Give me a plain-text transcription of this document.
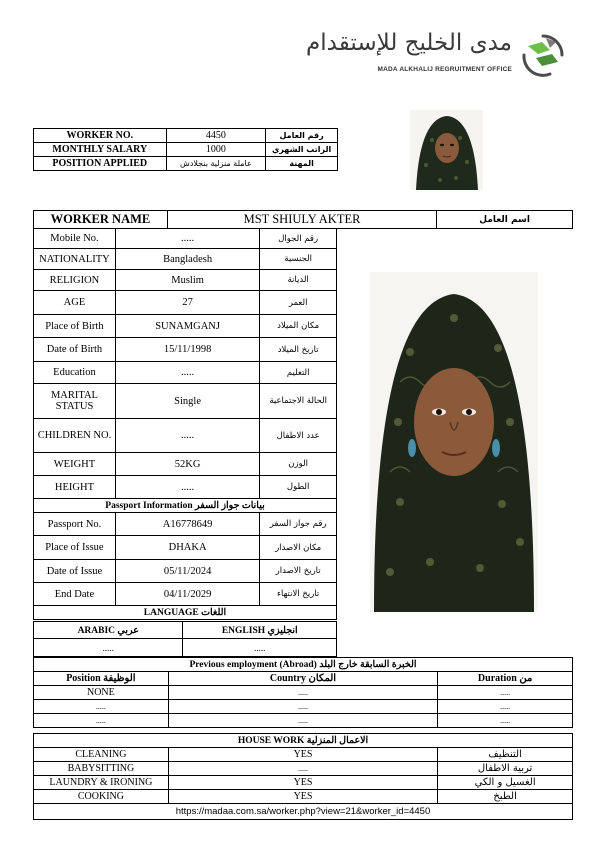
مدى الخليج للإستقدام
MADA ALKHALIJ REGRUITMENT OFFICE
WORKER NO.	4450	رقم العامل
MONTHLY SALARY	1000	الراتب الشهري
POSITION APPLIED	عاملة منزلية بنجلادش	المهنة
WORKER NAME	MST SHIULY AKTER	اسم العامل
Mobile No.	.....	رقم الجوال
NATIONALITY	Bangladesh	الجنسية
RELIGION	Muslim	الديانة
AGE	27	العمر
Place of Birth	SUNAMGANJ	مكان الميلاد
Date of Birth	15/11/1998	تاريخ الميلاد
Education	.....	التعليم
MARITAL STATUS	Single	الحالة الاجتماعية
CHILDREN NO.	.....	عدد الاطفال
WEIGHT	52KG	الوزن
HEIGHT	.....	الطول
Passport Information بيانات جواز السفر		
Passport No.	A16778649	رقم جواز السفر
Place of Issue	DHAKA	مكان الاصدار
Date of Issue	05/11/2024	تاريخ الاصدار
End Date	04/11/2029	تاريخ الانتهاء
LANGUAGE اللغات		
ARABIC عربي	ENGLISH انجليزي
.....	.....
Previous employment (Abroad) الخبرة السابقة خارج البلد		
Position الوظيفة	Country المكان	Duration من
NONE	.....	.....
.....	.....	.....
.....	.....	.....
HOUSE WORK الاعمال المنزلية		
CLEANING	YES	التنظيف
BABYSITTING	.....	تربية الاطفال
LAUNDRY & IRONING	YES	الغسيل و الكي
COOKING	YES	الطبخ
https://madaa.com.sa/worker.php?view=21&worker_id=4450		
